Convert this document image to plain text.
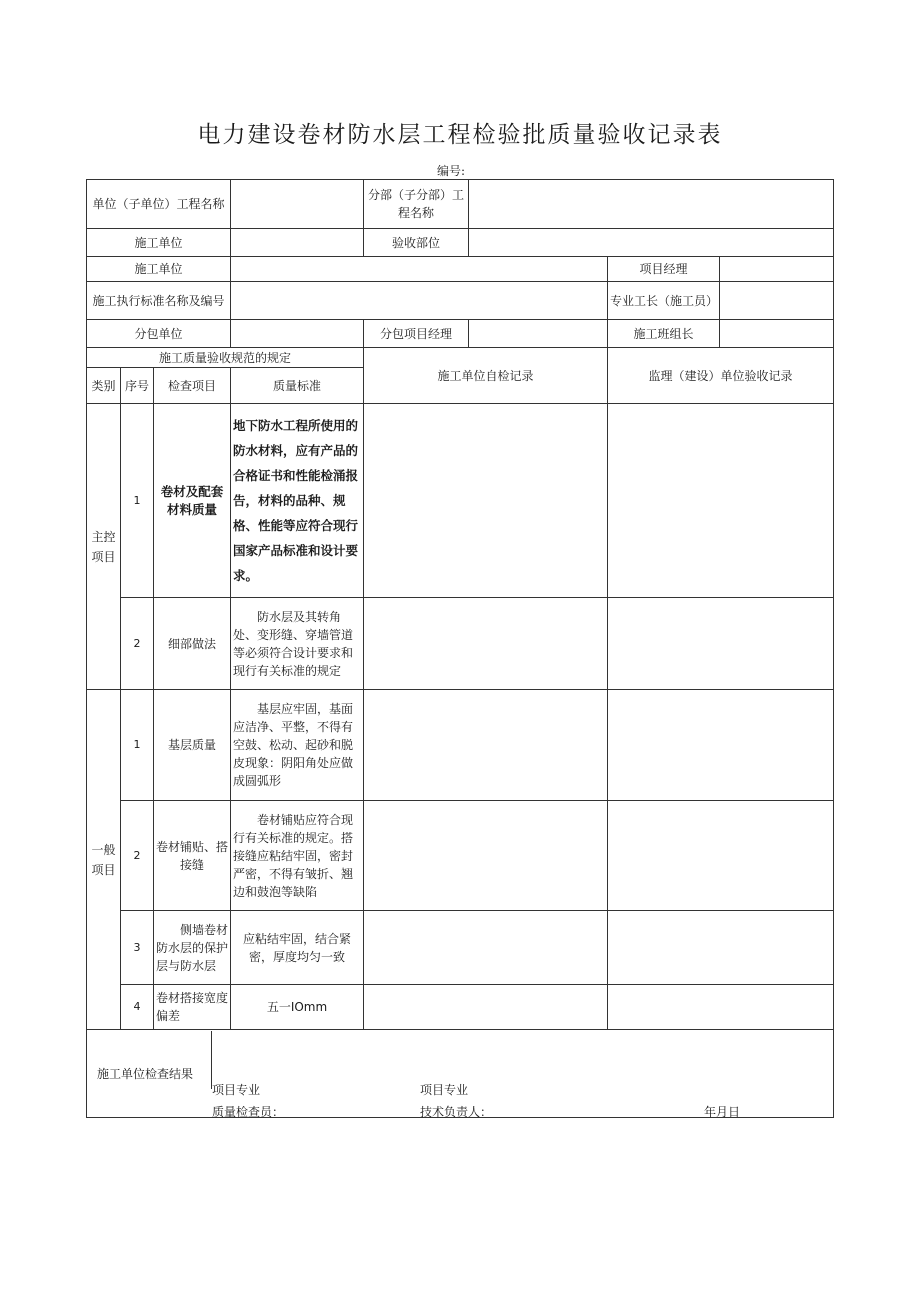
电力建设卷材防水层工程检验批质量验收记录表
编号:
单位（子单位）工程名称				分部（子分部）工程名称			
施工单位				验收部位			
施工单位						项目经理	
施工执行标准名称及编号						专业工长（施工员）	
分包单位				分包项目经理		施工班组长	
施工质量验收规范的规定				施工单位自检记录		监理（建设）单位验收记录	
类别	序号	检查项目	质量标准				
主控项目	1	卷材及配套材料质量	地下防水工程所使用的防水材料，应有产品的合格证书和性能检涌报告，材料的品种、规格、性能等应符合现行国家产品标准和设计要求。				
	2	细部做法	防水层及其转角处、变形缝、穿墙管道等必须符合设计要求和现行有关标准的规定				
一般项目	1	基层质量	基层应牢固，基面应洁净、平整，不得有空鼓、松动、起砂和脱皮现象：阴阳角处应做成圆弧形				
	2	卷材铺贴、搭接缝	卷材铺贴应符合现行有关标准的规定。搭接缝应粘结牢固，密封严密，不得有皱折、翘边和鼓泡等缺陷				
	3	侧墙卷材防水层的保护层与防水层	应粘结牢固，结合紧密，厚度均匀一致				
	4	卷材搭接宽度偏差	五一IOmm				

施工单位检查结果							

项目专业
质量检查员：
项目专业
技术负责人：	年月日
